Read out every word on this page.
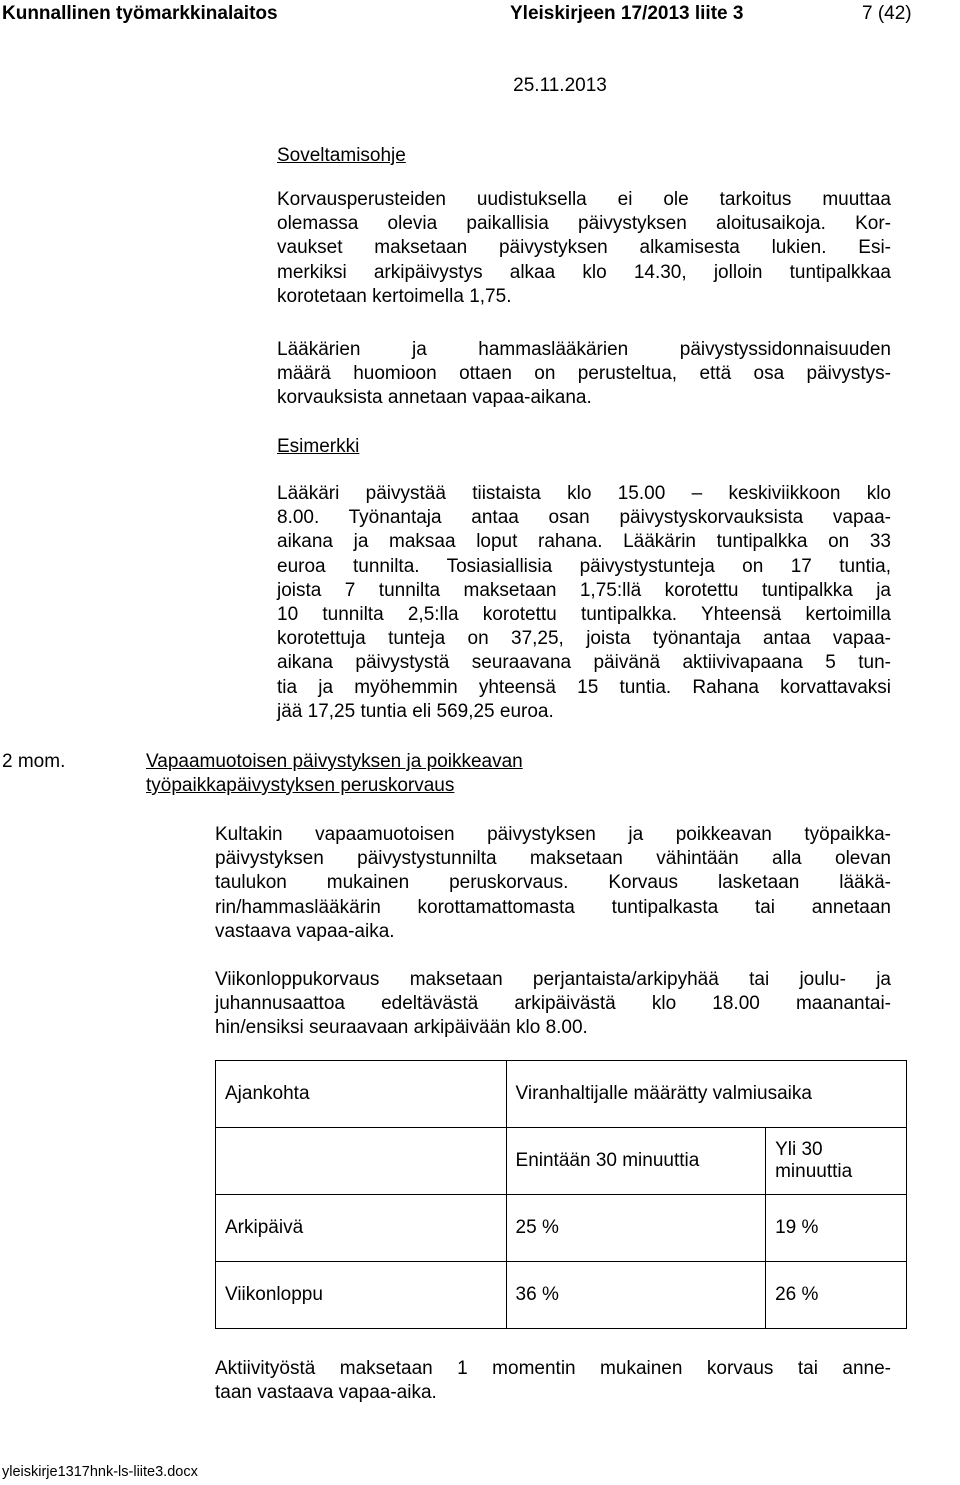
Kunnallinen työmarkkinalaitos	Yleiskirjeen 17/2013 liite 3	7 (42)
25.11.2013
Soveltamisohje
Korvausperusteiden uudistuksella ei ole tarkoitus muuttaa
olemassa olevia paikallisia päivystyksen aloitusaikoja. Kor-
vaukset maksetaan päivystyksen alkamisesta lukien. Esi-
merkiksi arkipäivystys alkaa klo 14.30, jolloin tuntipalkkaa
korotetaan kertoimella 1,75.
Lääkärien ja hammaslääkärien päivystyssidonnaisuuden
määrä huomioon ottaen on perusteltua, että osa päivystys-
korvauksista annetaan vapaa-aikana.
Esimerkki
Lääkäri päivystää tiistaista klo 15.00 – keskiviikkoon klo
8.00. Työnantaja antaa osan päivystyskorvauksista vapaa-
aikana ja maksaa loput rahana. Lääkärin tuntipalkka on 33
euroa tunnilta. Tosiasiallisia päivystystunteja on 17 tuntia,
joista 7 tunnilta maksetaan 1,75:llä korotettu tuntipalkka ja
10 tunnilta 2,5:lla korotettu tuntipalkka. Yhteensä kertoimilla
korotettuja tunteja on 37,25, joista työnantaja antaa vapaa-
aikana päivystystä seuraavana päivänä aktiivivapaana 5 tun-
tia ja myöhemmin yhteensä 15 tuntia. Rahana korvattavaksi
jää 17,25 tuntia eli 569,25 euroa.
2 mom.	Vapaamuotoisen päivystyksen ja poikkeavan
työpaikkapäivystyksen peruskorvaus
Kultakin vapaamuotoisen päivystyksen ja poikkeavan työpaikka-
päivystyksen päivystystunnilta maksetaan vähintään alla olevan
taulukon mukainen peruskorvaus. Korvaus lasketaan lääkä-
rin/hammaslääkärin korottamattomasta tuntipalkasta tai annetaan
vastaava vapaa-aika.
Viikonloppukorvaus maksetaan perjantaista/arkipyhää tai joulu- ja
juhannusaattoa edeltävästä arkipäivästä klo 18.00 maanantai-
hin/ensiksi seuraavaan arkipäivään klo 8.00.
Ajankohta	Viranhaltijalle määrätty valmiusaika	
	Enintään 30 minuuttia	Yli 30 minuuttia
Arkipäivä	25 %	19 %
Viikonloppu	36 %	26 %
Aktiivityöstä maksetaan 1 momentin mukainen korvaus tai anne-
taan vastaava vapaa-aika.
yleiskirje1317hnk-ls-liite3.docx
